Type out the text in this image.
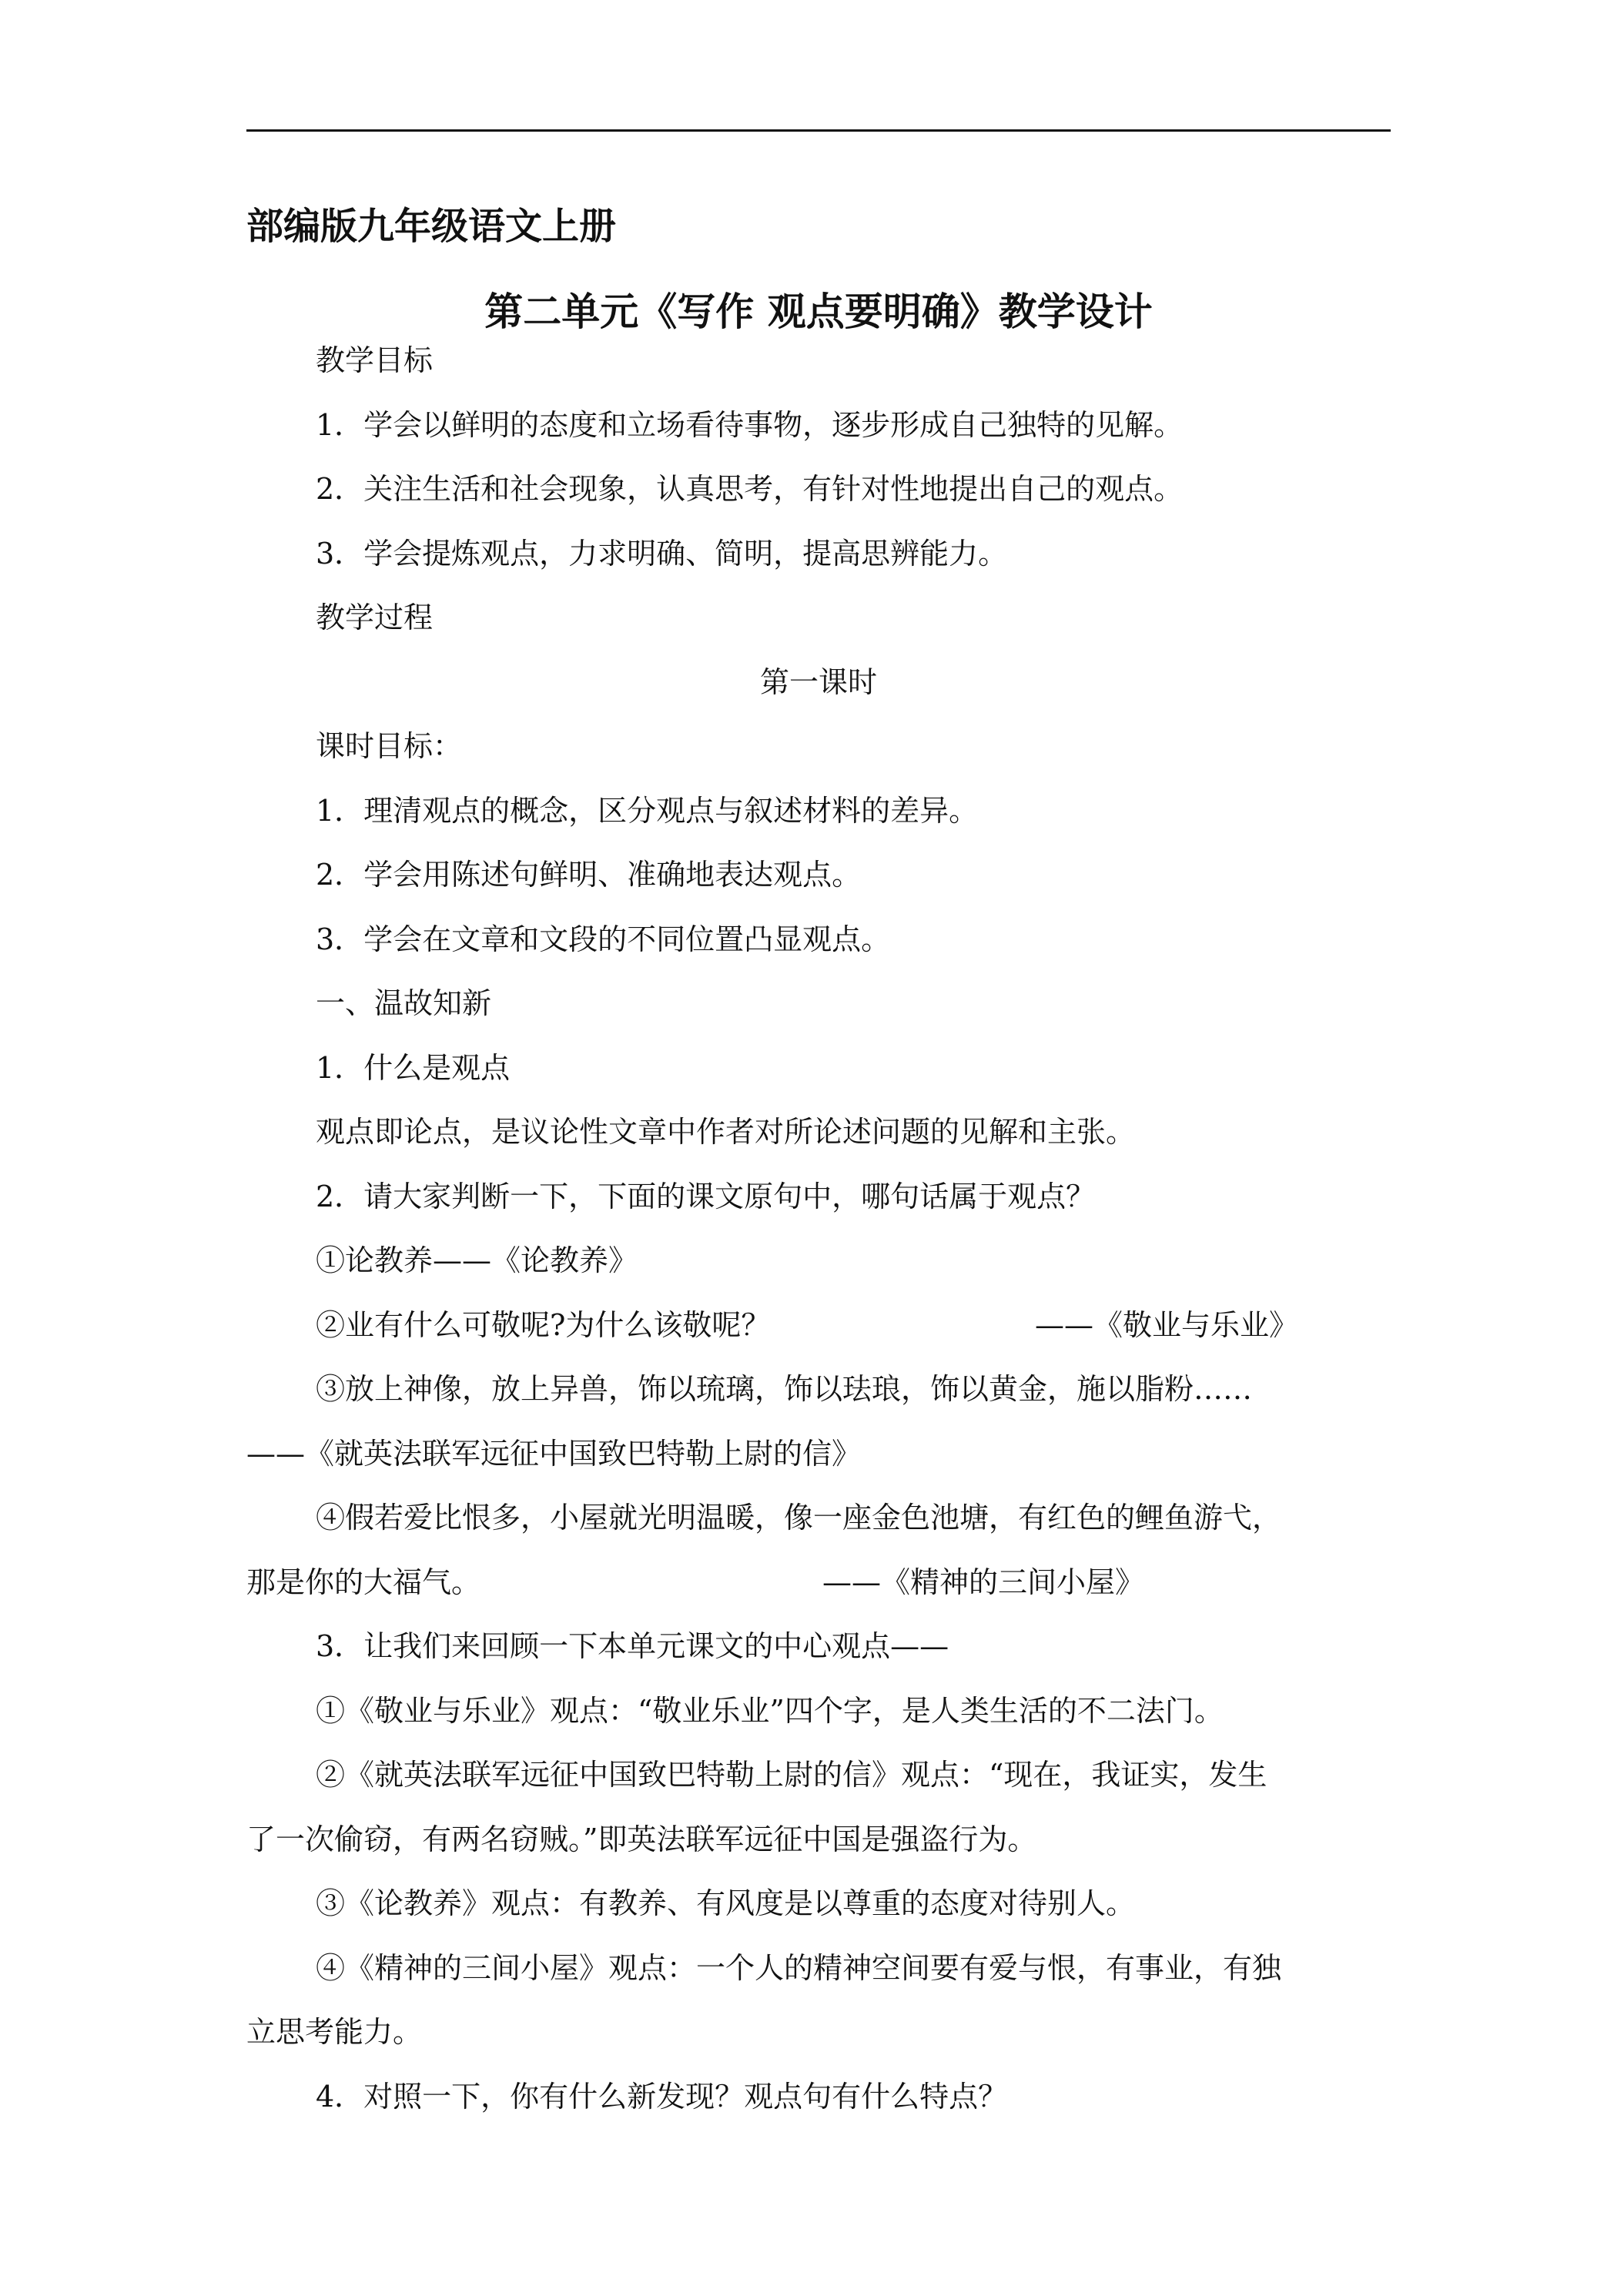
部编版九年级语文上册
第二单元《写作 观点要明确》教学设计
教学目标
1．学会以鲜明的态度和立场看待事物，逐步形成自己独特的见解。
2．关注生活和社会现象，认真思考，有针对性地提出自己的观点。
3．学会提炼观点，力求明确、简明，提高思辨能力。
教学过程
第一课时
课时目标：
1．理清观点的概念，区分观点与叙述材料的差异。
2．学会用陈述句鲜明、准确地表达观点。
3．学会在文章和文段的不同位置凸显观点。
一、温故知新
1．什么是观点
观点即论点，是议论性文章中作者对所论述问题的见解和主张。
2．请大家判断一下，下面的课文原句中，哪句话属于观点？
①论教养——《论教养》
②业有什么可敬呢?为什么该敬呢？	——《敬业与乐业》
③放上神像，放上异兽，饰以琉璃，饰以珐琅，饰以黄金，施以脂粉……
——《就英法联军远征中国致巴特勒上尉的信》
④假若爱比恨多，小屋就光明温暖，像一座金色池塘，有红色的鲤鱼游弋，
那是你的大福气。	——《精神的三间小屋》
3．让我们来回顾一下本单元课文的中心观点——
①《敬业与乐业》观点：“敬业乐业”四个字，是人类生活的不二法门。
②《就英法联军远征中国致巴特勒上尉的信》观点：“现在，我证实，发生
了一次偷窃，有两名窃贼。”即英法联军远征中国是强盗行为。
③《论教养》观点：有教养、有风度是以尊重的态度对待别人。
④《精神的三间小屋》观点：一个人的精神空间要有爱与恨，有事业，有独
立思考能力。
4．对照一下，你有什么新发现？观点句有什么特点？
